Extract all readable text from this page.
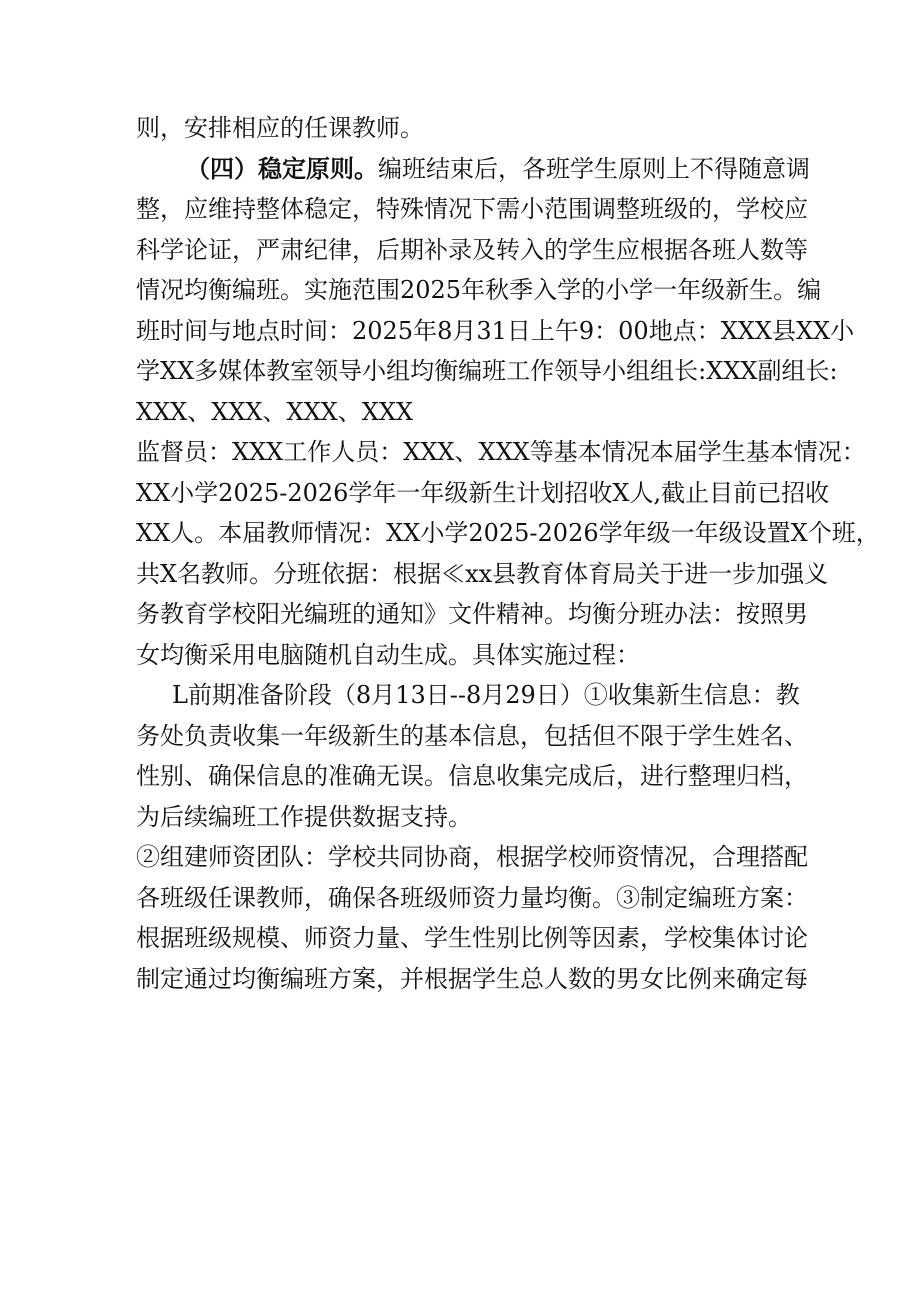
则，安排相应的任课教师。
（四）稳定原则。编班结束后，各班学生原则上不得随意调
整，应维持整体稳定，特殊情况下需小范围调整班级的，学校应
科学论证，严肃纪律，后期补录及转入的学生应根据各班人数等
情况均衡编班。实施范围2025年秋季入学的小学一年级新生。编
班时间与地点时间：2025年8月31日上午9：00地点：XXX县XX小
学XX多媒体教室领导小组均衡编班工作领导小组组长:XXX副组长:
XXX、XXX、XXX、XXX
监督员：XXX工作人员：XXX、XXX等基本情况本届学生基本情况：
XX小学2025-2026学年一年级新生计划招收X人,截止目前已招收
XX人。本届教师情况：XX小学2025-2026学年级一年级设置X个班，
共X名教师。分班依据：根据≪xx县教育体育局关于进一步加强义
务教育学校阳光编班的通知》文件精神。均衡分班办法：按照男
女均衡采用电脑随机自动生成。具体实施过程：
L前期准备阶段（8月13日--8月29日）①收集新生信息：教
务处负责收集一年级新生的基本信息，包括但不限于学生姓名、
性别、确保信息的准确无误。信息收集完成后，进行整理归档，
为后续编班工作提供数据支持。
②组建师资团队：学校共同协商，根据学校师资情况，合理搭配
各班级任课教师，确保各班级师资力量均衡。③制定编班方案：
根据班级规模、师资力量、学生性别比例等因素，学校集体讨论
制定通过均衡编班方案，并根据学生总人数的男女比例来确定每
